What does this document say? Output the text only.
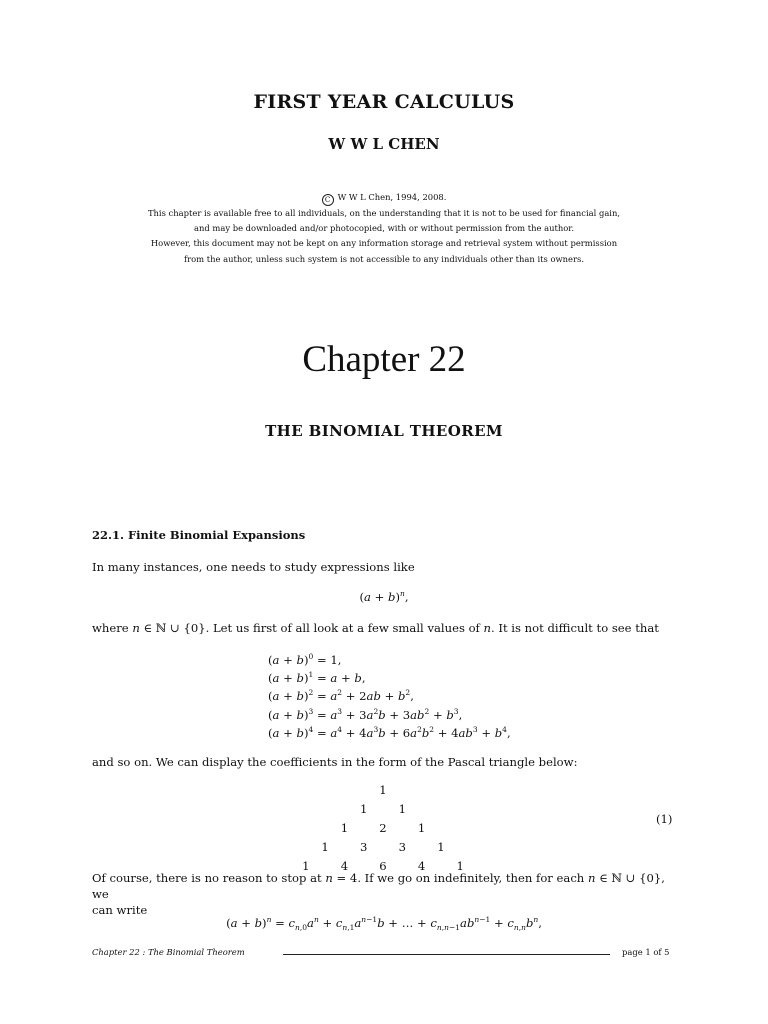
FIRST YEAR CALCULUS
W W L CHEN
C W W L Chen, 1994, 2008.
This chapter is available free to all individuals, on the understanding that it is not to be used for financial gain,
and may be downloaded and/or photocopied, with or without permission from the author.
However, this document may not be kept on any information storage and retrieval system without permission
from the author, unless such system is not accessible to any individuals other than its owners.
Chapter 22
THE BINOMIAL THEOREM
22.1. Finite Binomial Expansions
In many instances, one needs to study expressions like
$(a + b)^n$,
where n ∈ ℕ ∪ {0}. Let us first of all look at a few small values of n. It is not difficult to see that
$(a + b)^0 = 1$,
$(a + b)^1 = a + b$,
$(a + b)^2 = a^2 + 2ab + b^2$,
$(a + b)^3 = a^3 + 3a^2b + 3ab^2 + b^3$,
$(a + b)^4 = a^4 + 4a^3b + 6a^2b^2 + 4ab^3 + b^4$,
and so on. We can display the coefficients in the form of the Pascal triangle below:
1
1	1
1	2	1
1	3	3	1
1	4	6	4	1
(1)
Of course, there is no reason to stop at n = 4. If we go on indefinitely, then for each n ∈ ℕ ∪ {0}, we
can write
$(a + b)^n = c_{n,0}a^n + c_{n,1}a^{n-1}b$ + … + $c_{n,n-1}ab^{n-1} + c_{n,n}b^n$,
Chapter 22 : The Binomial Theorem	page 1 of 5
